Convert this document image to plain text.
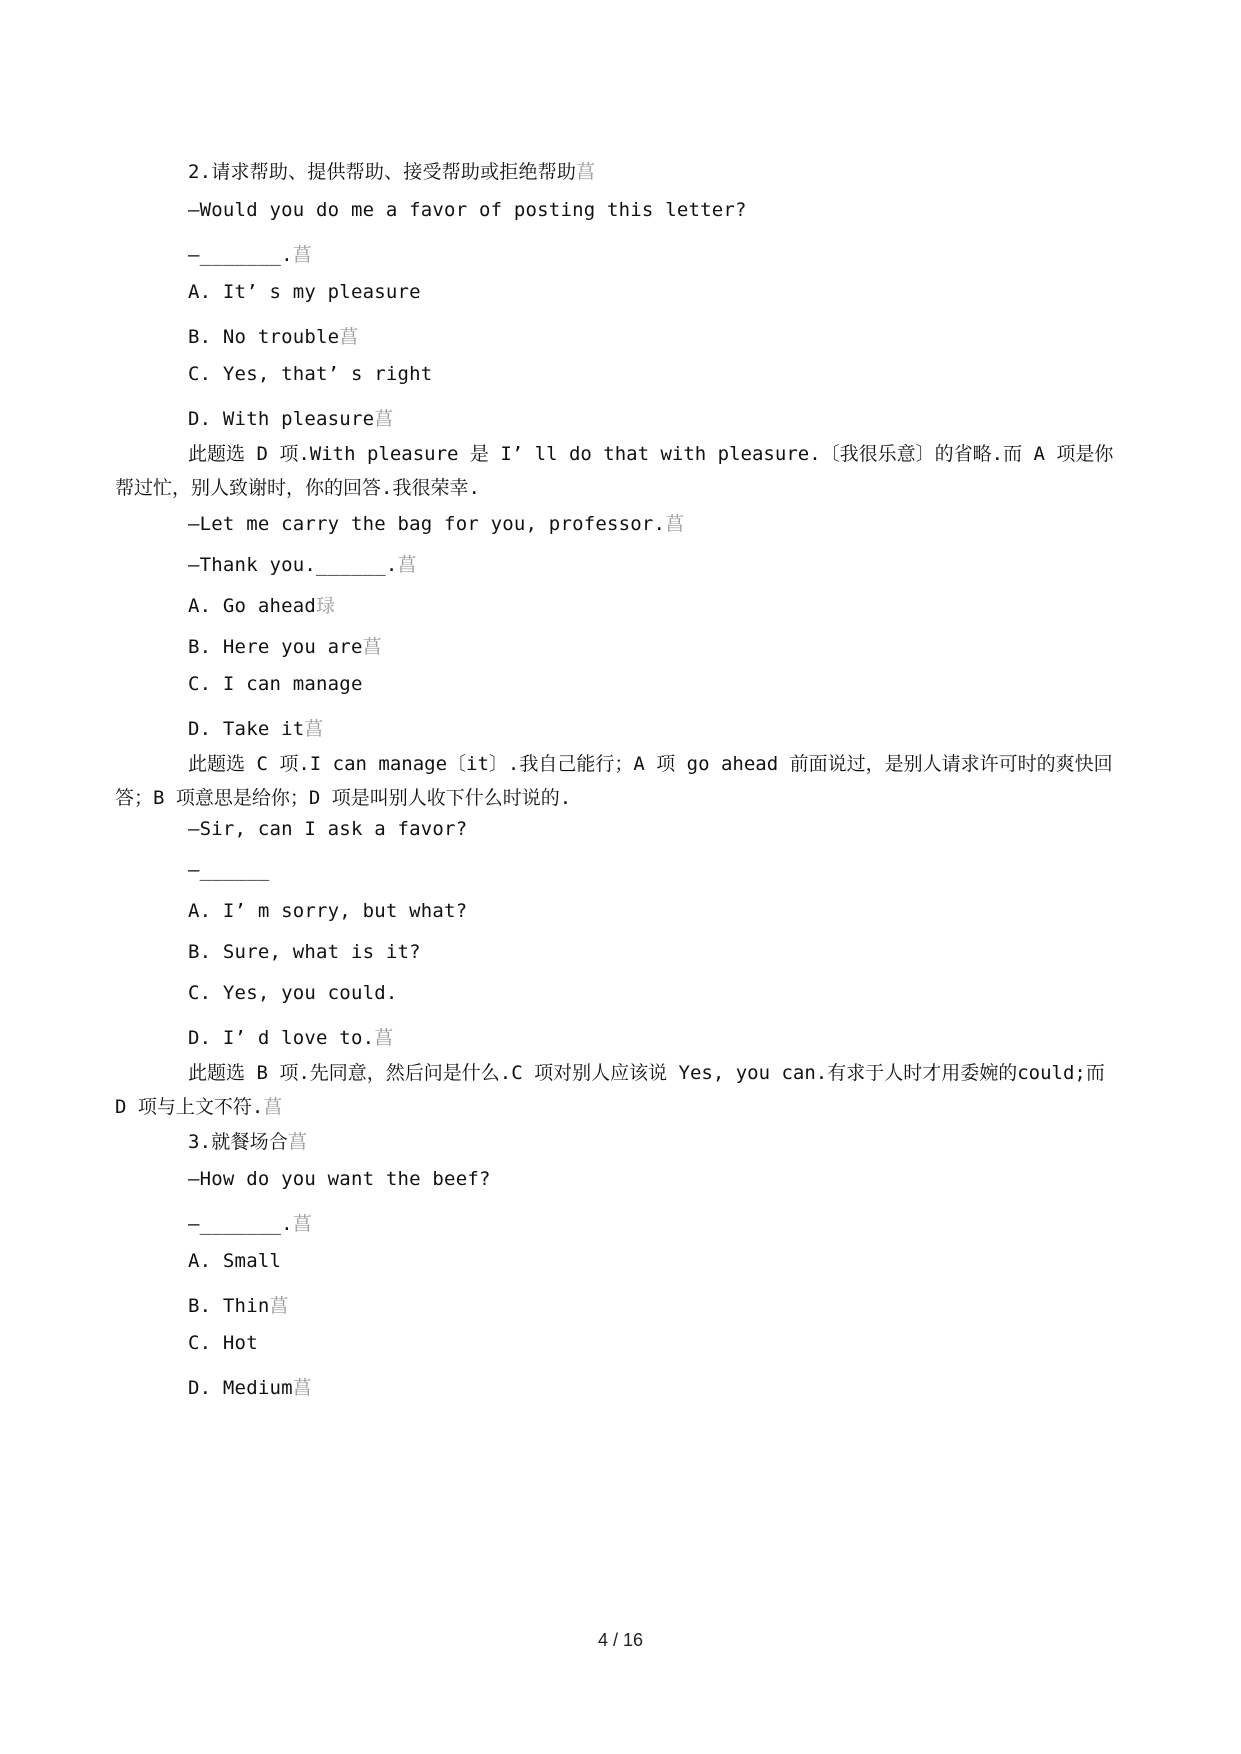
2.请求帮助、提供帮助、接受帮助或拒绝帮助菖
—Would you do me a favor of posting this letter?
—_______.菖
A. It’ s my pleasure
B. No trouble菖
C. Yes, that’ s right
D. With pleasure菖
此题选 D 项.With pleasure 是 I’ ll do that with pleasure.〔我很乐意〕的省略.而 A 项是你帮过忙，别人致谢时，你的回答.我很荣幸.
—Let me carry the bag for you, professor.菖
—Thank you.______.菖
A. Go ahead琭
B. Here you are菖
C. I can manage
D. Take it菖
此题选 C 项.I can manage〔it〕.我自己能行；A 项 go ahead 前面说过，是别人请求许可时的爽快回答；B 项意思是给你；D 项是叫别人收下什么时说的.
—Sir, can I ask a favor?
—______
A. I’ m sorry, but what?
B. Sure, what is it?
C. Yes, you could.
D. I’ d love to.菖
此题选 B 项.先同意，然后问是什么.C 项对别人应该说 Yes, you can.有求于人时才用委婉的could;而 D 项与上文不符.菖
3.就餐场合菖
—How do you want the beef?
—_______.菖
A. Small
B. Thin菖
C. Hot
D. Medium菖
4 / 16
